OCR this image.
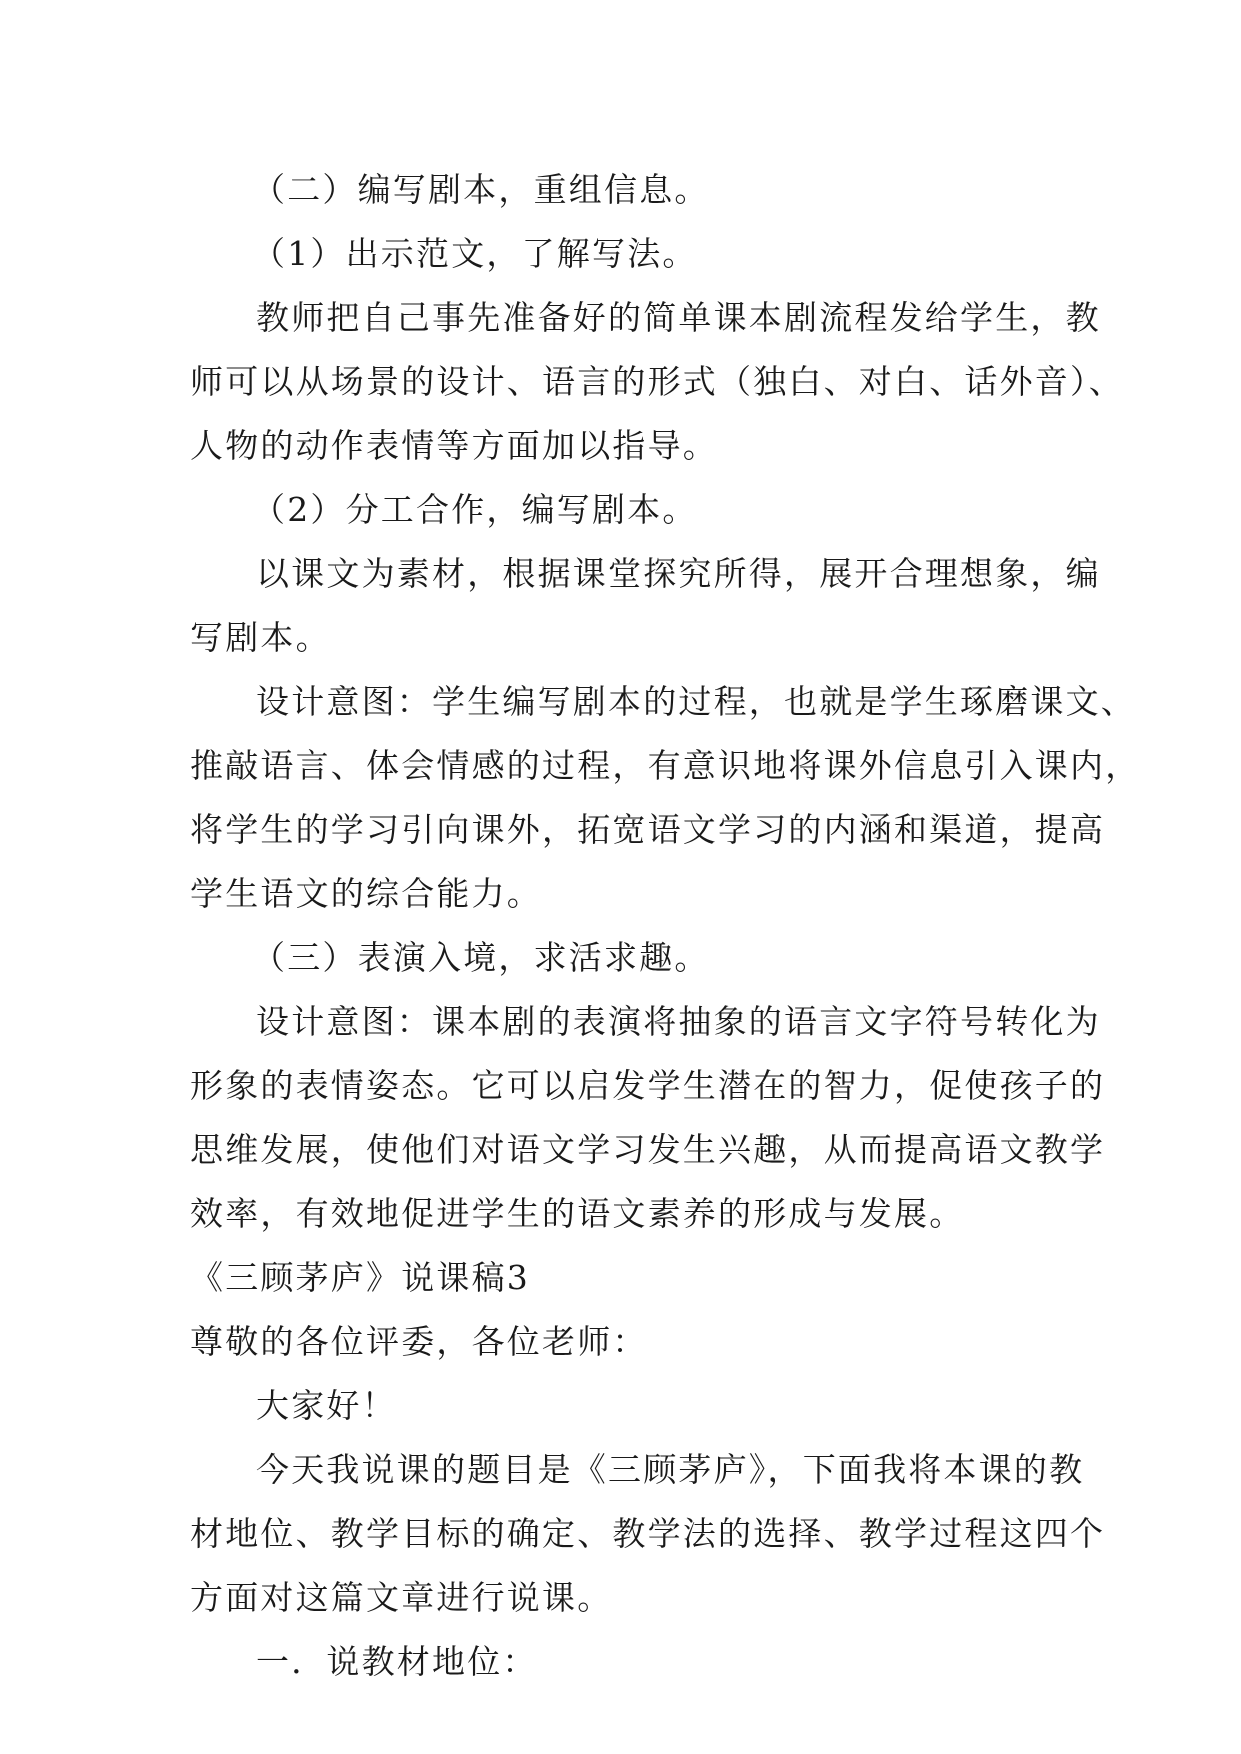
（二）编写剧本，重组信息。

（1）出示范文，了解写法。

教师把自己事先准备好的简单课本剧流程发给学生，教

师可以从场景的设计、语言的形式（独白、对白、话外音）、

人物的动作表情等方面加以指导。

（2）分工合作，编写剧本。

以课文为素材，根据课堂探究所得，展开合理想象，编

写剧本。

设计意图：学生编写剧本的过程，也就是学生琢磨课文、

推敲语言、体会情感的过程，有意识地将课外信息引入课内，

将学生的学习引向课外，拓宽语文学习的内涵和渠道，提高

学生语文的综合能力。

（三）表演入境，求活求趣。

设计意图：课本剧的表演将抽象的语言文字符号转化为

形象的表情姿态。它可以启发学生潜在的智力，促使孩子的

思维发展，使他们对语文学习发生兴趣，从而提高语文教学

效率，有效地促进学生的语文素养的形成与发展。

《三顾茅庐》说课稿3

尊敬的各位评委，各位老师：

大家好！

今天我说课的题目是《三顾茅庐》，下面我将本课的教

材地位、教学目标的确定、教学法的选择、教学过程这四个

方面对这篇文章进行说课。

一．说教材地位：
